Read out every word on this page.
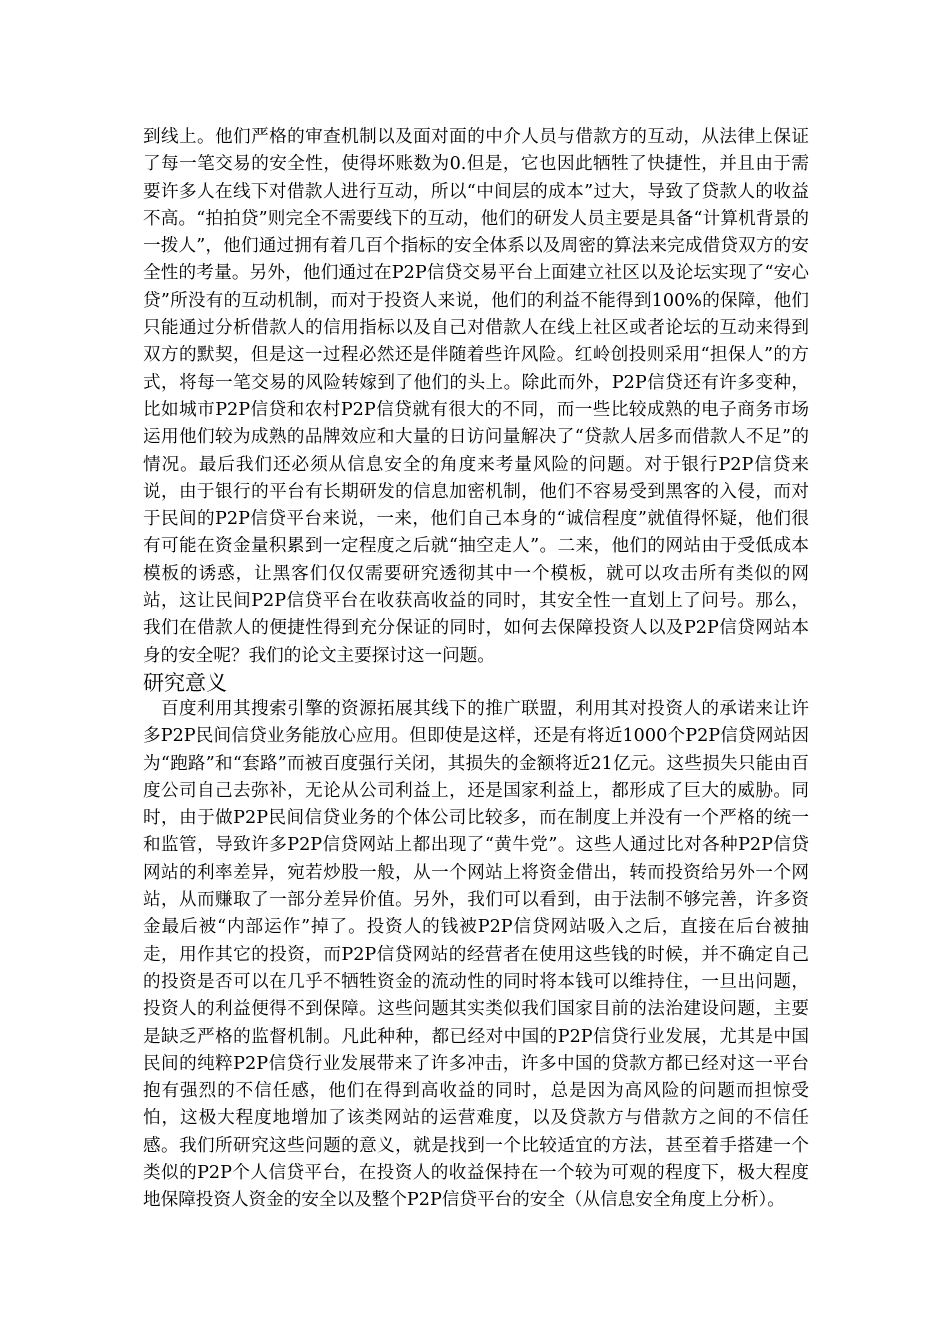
到线上。他们严格的审查机制以及面对面的中介人员与借款方的互动，从法律上保证了每一笔交易的安全性，使得坏账数为0.但是，它也因此牺牲了快捷性，并且由于需要许多人在线下对借款人进行互动，所以“中间层的成本”过大，导致了贷款人的收益不高。“拍拍贷”则完全不需要线下的互动，他们的研发人员主要是具备“计算机背景的一拨人”，他们通过拥有着几百个指标的安全体系以及周密的算法来完成借贷双方的安全性的考量。另外，他们通过在P2P信贷交易平台上面建立社区以及论坛实现了“安心贷”所没有的互动机制，而对于投资人来说，他们的利益不能得到100%的保障，他们只能通过分析借款人的信用指标以及自己对借款人在线上社区或者论坛的互动来得到双方的默契，但是这一过程必然还是伴随着些许风险。红岭创投则采用“担保人”的方式，将每一笔交易的风险转嫁到了他们的头上。除此而外，P2P信贷还有许多变种，比如城市P2P信贷和农村P2P信贷就有很大的不同，而一些比较成熟的电子商务市场运用他们较为成熟的品牌效应和大量的日访问量解决了“贷款人居多而借款人不足”的情况。最后我们还必须从信息安全的角度来考量风险的问题。对于银行P2P信贷来说，由于银行的平台有长期研发的信息加密机制，他们不容易受到黑客的入侵，而对于民间的P2P信贷平台来说，一来，他们自己本身的“诚信程度”就值得怀疑，他们很有可能在资金量积累到一定程度之后就“抽空走人”。二来，他们的网站由于受低成本模板的诱惑，让黑客们仅仅需要研究透彻其中一个模板，就可以攻击所有类似的网站，这让民间P2P信贷平台在收获高收益的同时，其安全性一直划上了问号。那么，我们在借款人的便捷性得到充分保证的同时，如何去保障投资人以及P2P信贷网站本身的安全呢？我们的论文主要探讨这一问题。

研究意义

百度利用其搜索引擎的资源拓展其线下的推广联盟，利用其对投资人的承诺来让许多P2P民间信贷业务能放心应用。但即使是这样，还是有将近1000个P2P信贷网站因为“跑路”和“套路”而被百度强行关闭，其损失的金额将近21亿元。这些损失只能由百度公司自己去弥补，无论从公司利益上，还是国家利益上，都形成了巨大的威胁。同时，由于做P2P民间信贷业务的个体公司比较多，而在制度上并没有一个严格的统一和监管，导致许多P2P信贷网站上都出现了“黄牛党”。这些人通过比对各种P2P信贷网站的利率差异，宛若炒股一般，从一个网站上将资金借出，转而投资给另外一个网站，从而赚取了一部分差异价值。另外，我们可以看到，由于法制不够完善，许多资金最后被“内部运作”掉了。投资人的钱被P2P信贷网站吸入之后，直接在后台被抽走，用作其它的投资，而P2P信贷网站的经营者在使用这些钱的时候，并不确定自己的投资是否可以在几乎不牺牲资金的流动性的同时将本钱可以维持住，一旦出问题，投资人的利益便得不到保障。这些问题其实类似我们国家目前的法治建设问题，主要是缺乏严格的监督机制。凡此种种，都已经对中国的P2P信贷行业发展，尤其是中国民间的纯粹P2P信贷行业发展带来了许多冲击，许多中国的贷款方都已经对这一平台抱有强烈的不信任感，他们在得到高收益的同时，总是因为高风险的问题而担惊受怕，这极大程度地增加了该类网站的运营难度，以及贷款方与借款方之间的不信任感。我们所研究这些问题的意义，就是找到一个比较适宜的方法，甚至着手搭建一个类似的P2P个人信贷平台，在投资人的收益保持在一个较为可观的程度下，极大程度地保障投资人资金的安全以及整个P2P信贷平台的安全（从信息安全角度上分析）。
